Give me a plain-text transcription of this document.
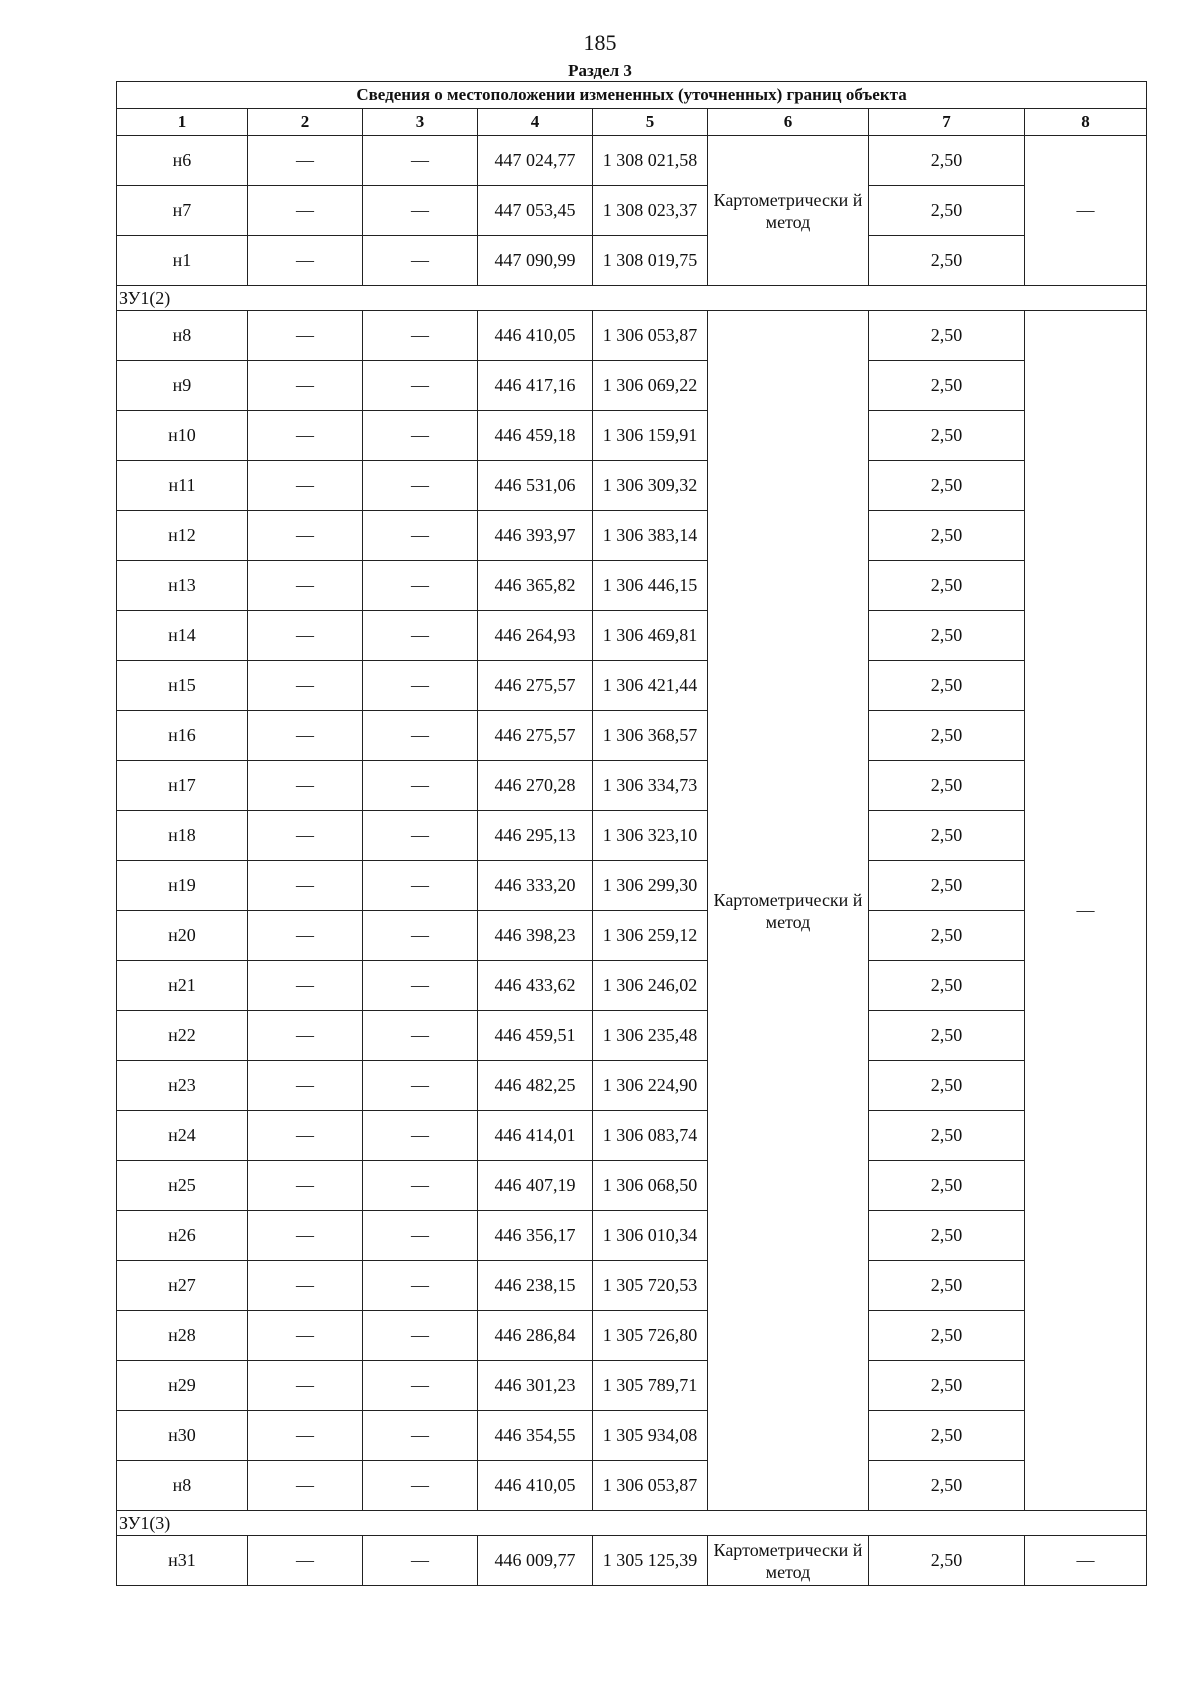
185
Раздел 3
Сведения о местоположении измененных (уточненных) границ объекта							
1	2	3	4	5	6	7	8
н6	—	—	447 024,77	1 308 021,58	Картометрически й метод	2,50	—
н7	—	—	447 053,45	1 308 023,37		2,50	
н1	—	—	447 090,99	1 308 019,75		2,50	
ЗУ1(2)							
н8	—	—	446 410,05	1 306 053,87	Картометрически й метод	2,50	—
н9	—	—	446 417,16	1 306 069,22		2,50	
н10	—	—	446 459,18	1 306 159,91		2,50	
н11	—	—	446 531,06	1 306 309,32		2,50	
н12	—	—	446 393,97	1 306 383,14		2,50	
н13	—	—	446 365,82	1 306 446,15		2,50	
н14	—	—	446 264,93	1 306 469,81		2,50	
н15	—	—	446 275,57	1 306 421,44		2,50	
н16	—	—	446 275,57	1 306 368,57		2,50	
н17	—	—	446 270,28	1 306 334,73		2,50	
н18	—	—	446 295,13	1 306 323,10		2,50	
н19	—	—	446 333,20	1 306 299,30		2,50	
н20	—	—	446 398,23	1 306 259,12		2,50	
н21	—	—	446 433,62	1 306 246,02		2,50	
н22	—	—	446 459,51	1 306 235,48		2,50	
н23	—	—	446 482,25	1 306 224,90		2,50	
н24	—	—	446 414,01	1 306 083,74		2,50	
н25	—	—	446 407,19	1 306 068,50		2,50	
н26	—	—	446 356,17	1 306 010,34		2,50	
н27	—	—	446 238,15	1 305 720,53		2,50	
н28	—	—	446 286,84	1 305 726,80		2,50	
н29	—	—	446 301,23	1 305 789,71		2,50	
н30	—	—	446 354,55	1 305 934,08		2,50	
н8	—	—	446 410,05	1 306 053,87		2,50	
ЗУ1(3)							
н31	—	—	446 009,77	1 305 125,39	Картометрически й метод	2,50	—
